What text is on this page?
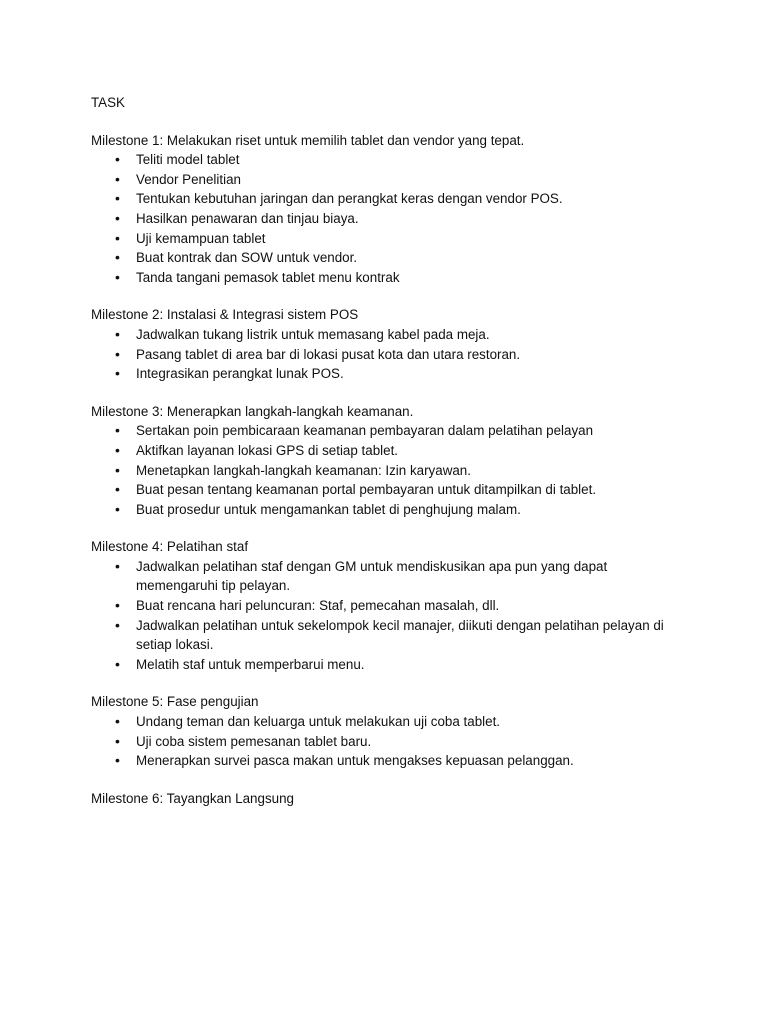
TASK

Milestone 1: Melakukan riset untuk memilih tablet dan vendor yang tepat.

• Teliti model tablet
• Vendor Penelitian
• Tentukan kebutuhan jaringan dan perangkat keras dengan vendor POS.
• Hasilkan penawaran dan tinjau biaya.
• Uji kemampuan tablet
• Buat kontrak dan SOW untuk vendor.
• Tanda tangani pemasok tablet menu kontrak

Milestone 2: Instalasi & Integrasi sistem POS

• Jadwalkan tukang listrik untuk memasang kabel pada meja.
• Pasang tablet di area bar di lokasi pusat kota dan utara restoran.
• Integrasikan perangkat lunak POS.

Milestone 3: Menerapkan langkah-langkah keamanan.

• Sertakan poin pembicaraan keamanan pembayaran dalam pelatihan pelayan
• Aktifkan layanan lokasi GPS di setiap tablet.
• Menetapkan langkah-langkah keamanan: Izin karyawan.
• Buat pesan tentang keamanan portal pembayaran untuk ditampilkan di tablet.
• Buat prosedur untuk mengamankan tablet di penghujung malam.

Milestone 4: Pelatihan staf

• Jadwalkan pelatihan staf dengan GM untuk mendiskusikan apa pun yang dapat memengaruhi tip pelayan.
• Buat rencana hari peluncuran: Staf, pemecahan masalah, dll.
• Jadwalkan pelatihan untuk sekelompok kecil manajer, diikuti dengan pelatihan pelayan di setiap lokasi.
• Melatih staf untuk memperbarui menu.

Milestone 5: Fase pengujian

• Undang teman dan keluarga untuk melakukan uji coba tablet.
• Uji coba sistem pemesanan tablet baru.
• Menerapkan survei pasca makan untuk mengakses kepuasan pelanggan.

Milestone 6: Tayangkan Langsung
